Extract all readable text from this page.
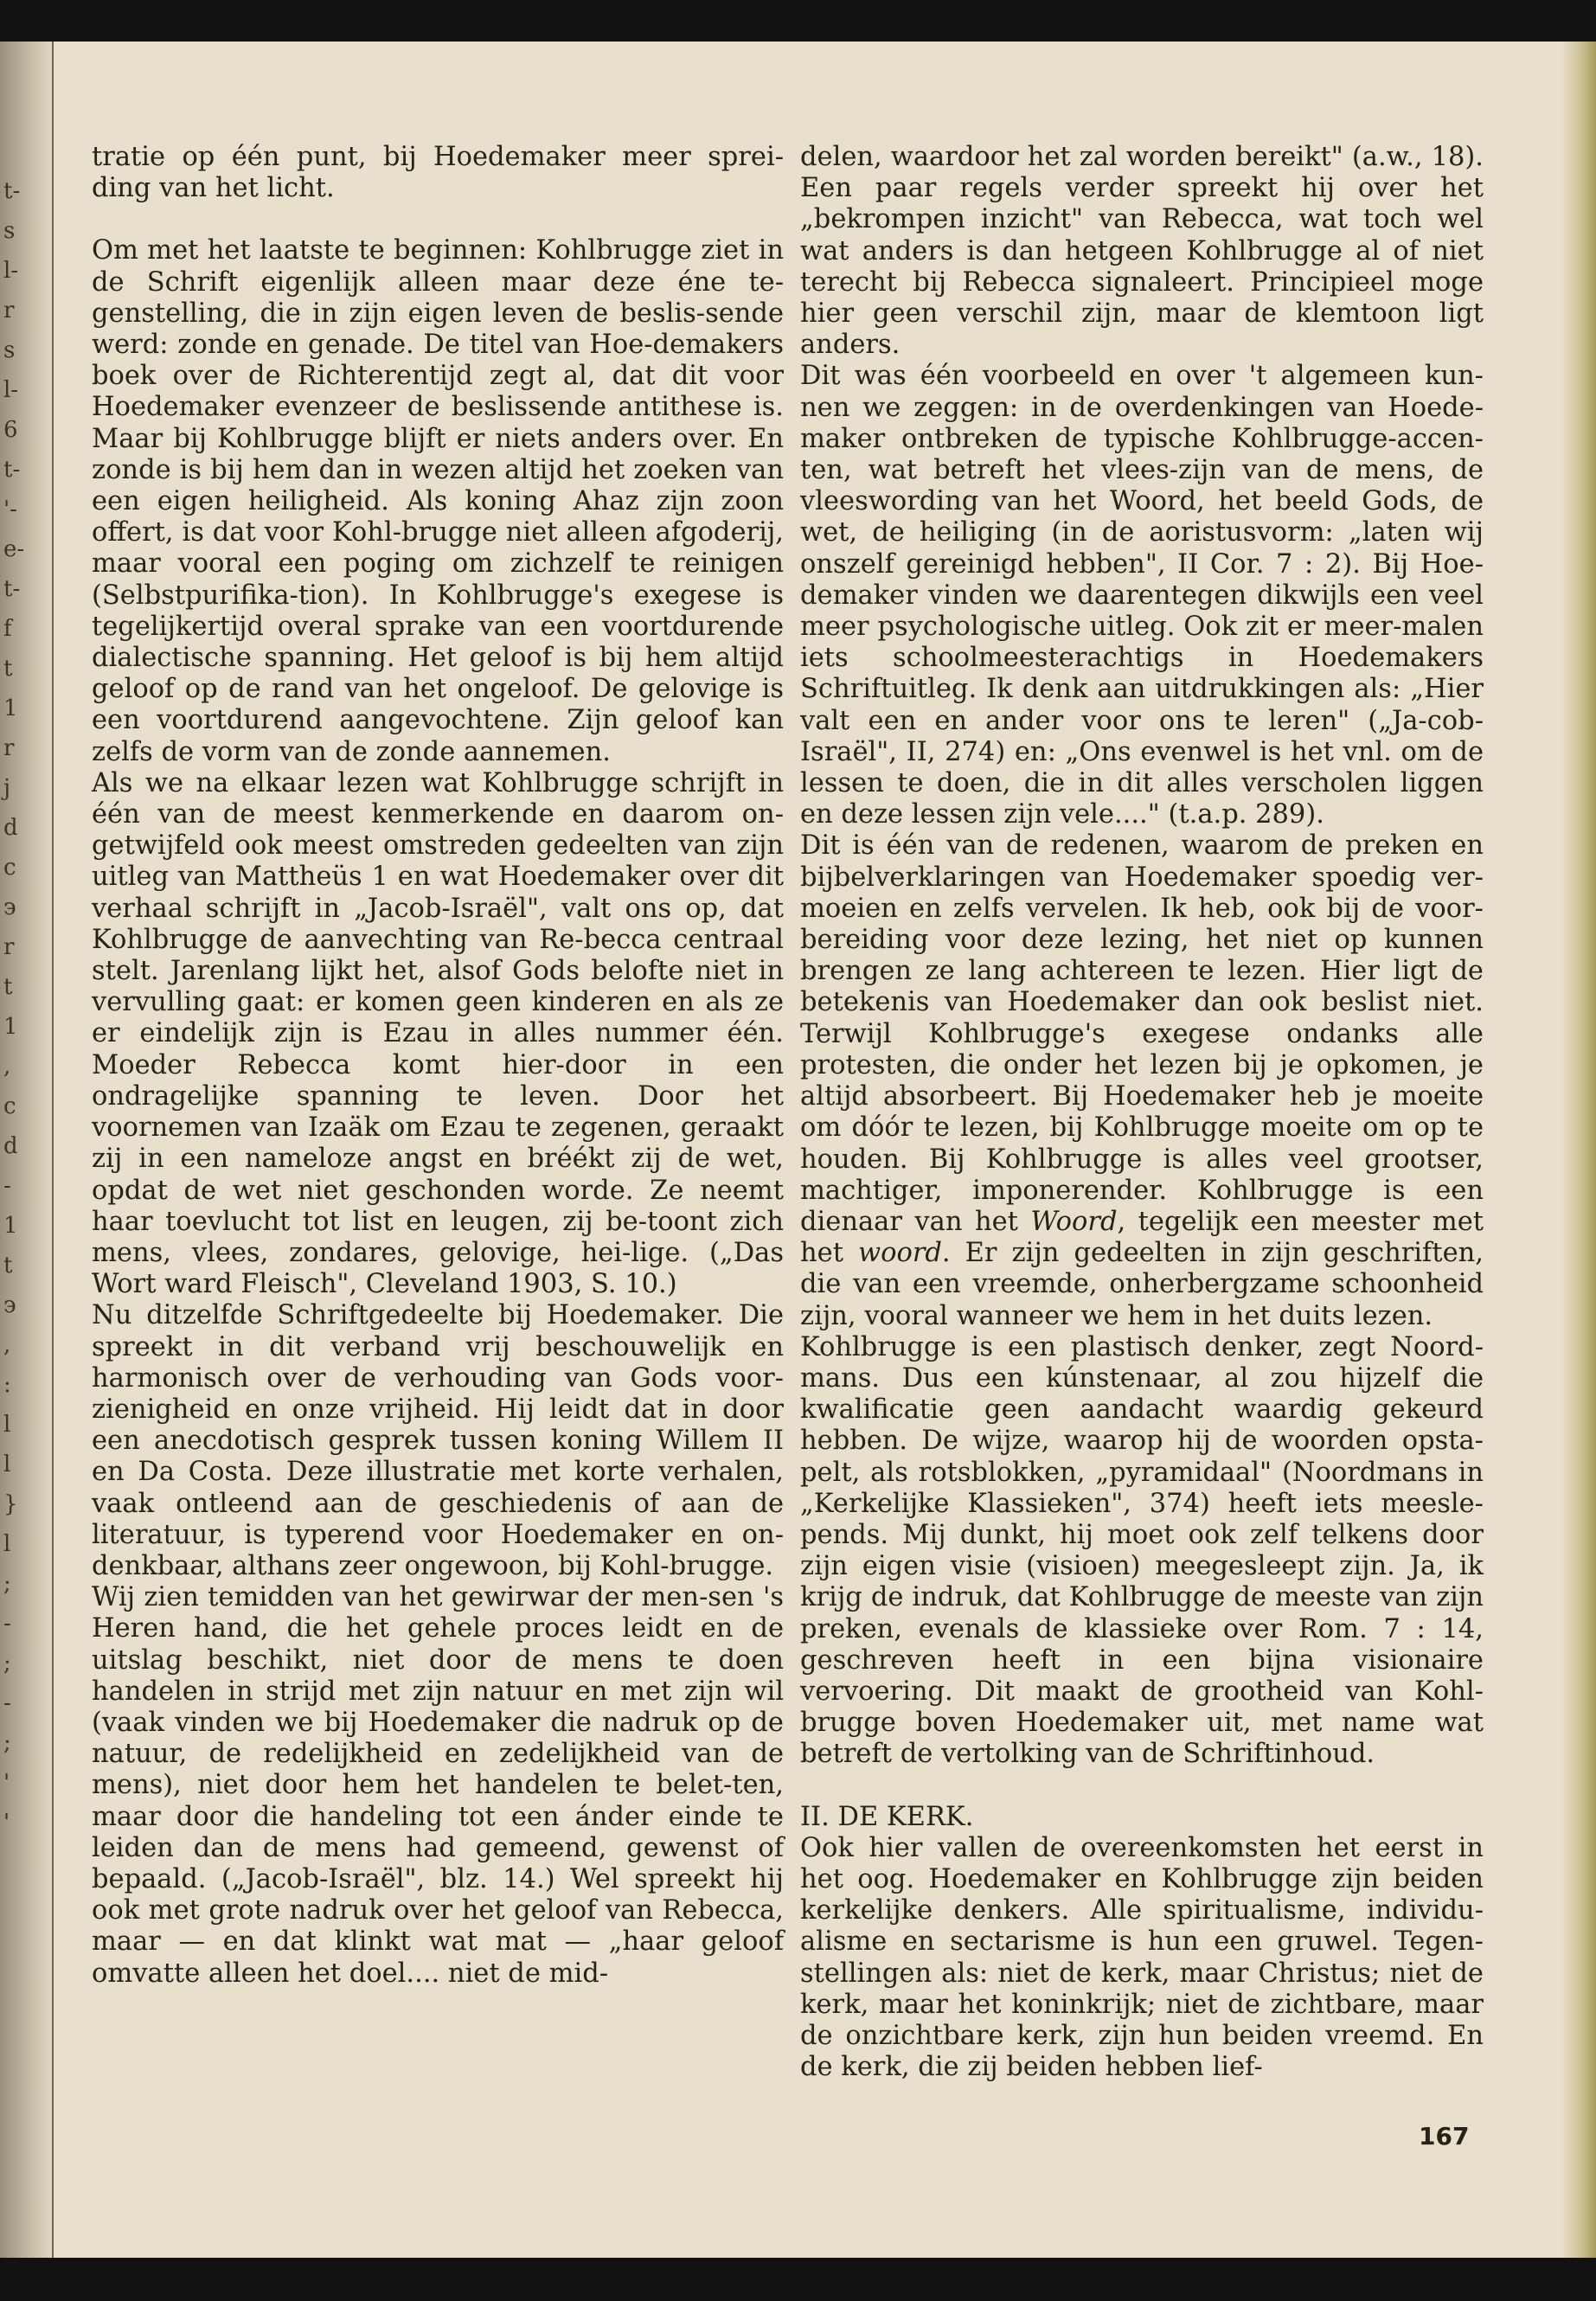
t-
s
l-
r
s
l-
6
t-
'-
e-
t-
f
t
1
r
j
d
c
э
r
t
1
,
c
d
-
1
t
э
,
:
l
l
}
l
;
-
;
-
;
'
'

tratie op één punt, bij Hoedemaker meer sprei-ding van het licht.

Om met het laatste te beginnen: Kohlbrugge ziet in de Schrift eigenlijk alleen maar deze éne te-genstelling, die in zijn eigen leven de beslis-sende werd: zonde en genade. De titel van Hoe-demakers boek over de Richterentijd zegt al, dat dit voor Hoedemaker evenzeer de beslissende antithese is. Maar bij Kohlbrugge blijft er niets anders over. En zonde is bij hem dan in wezen altijd het zoeken van een eigen heiligheid. Als koning Ahaz zijn zoon offert, is dat voor Kohl-brugge niet alleen afgoderij, maar vooral een poging om zichzelf te reinigen (Selbstpurifika-tion). In Kohlbrugge's exegese is tegelijkertijd overal sprake van een voortdurende dialectische spanning. Het geloof is bij hem altijd geloof op de rand van het ongeloof. De gelovige is een voortdurend aangevochtene. Zijn geloof kan zelfs de vorm van de zonde aannemen.

Als we na elkaar lezen wat Kohlbrugge schrijft in één van de meest kenmerkende en daarom on-getwijfeld ook meest omstreden gedeelten van zijn uitleg van Mattheüs 1 en wat Hoedemaker over dit verhaal schrijft in „Jacob-Israël", valt ons op, dat Kohlbrugge de aanvechting van Re-becca centraal stelt. Jarenlang lijkt het, alsof Gods belofte niet in vervulling gaat: er komen geen kinderen en als ze er eindelijk zijn is Ezau in alles nummer één. Moeder Rebecca komt hier-door in een ondragelijke spanning te leven. Door het voornemen van Izaäk om Ezau te zegenen, geraakt zij in een nameloze angst en bréékt zij de wet, opdat de wet niet geschonden worde. Ze neemt haar toevlucht tot list en leugen, zij be-toont zich mens, vlees, zondares, gelovige, hei-lige. („Das Wort ward Fleisch", Cleveland 1903, S. 10.)

Nu ditzelfde Schriftgedeelte bij Hoedemaker. Die spreekt in dit verband vrij beschouwelijk en harmonisch over de verhouding van Gods voor-zienigheid en onze vrijheid. Hij leidt dat in door een anecdotisch gesprek tussen koning Willem II en Da Costa. Deze illustratie met korte verhalen, vaak ontleend aan de geschiedenis of aan de literatuur, is typerend voor Hoedemaker en on-denkbaar, althans zeer ongewoon, bij Kohl-brugge.

Wij zien temidden van het gewirwar der men-sen 's Heren hand, die het gehele proces leidt en de uitslag beschikt, niet door de mens te doen handelen in strijd met zijn natuur en met zijn wil (vaak vinden we bij Hoedemaker die nadruk op de natuur, de redelijkheid en zedelijkheid van de mens), niet door hem het handelen te belet-ten, maar door die handeling tot een ánder einde te leiden dan de mens had gemeend, gewenst of bepaald. („Jacob-Israël", blz. 14.) Wel spreekt hij ook met grote nadruk over het geloof van Rebecca, maar — en dat klinkt wat mat — „haar geloof omvatte alleen het doel.... niet de mid-

delen, waardoor het zal worden bereikt" (a.w., 18). Een paar regels verder spreekt hij over het „bekrompen inzicht" van Rebecca, wat toch wel wat anders is dan hetgeen Kohlbrugge al of niet terecht bij Rebecca signaleert. Principieel moge hier geen verschil zijn, maar de klemtoon ligt anders.

Dit was één voorbeeld en over 't algemeen kun-nen we zeggen: in de overdenkingen van Hoede-maker ontbreken de typische Kohlbrugge-accen-ten, wat betreft het vlees-zijn van de mens, de vleeswording van het Woord, het beeld Gods, de wet, de heiliging (in de aoristusvorm: „laten wij onszelf gereinigd hebben", II Cor. 7 : 2). Bij Hoe-demaker vinden we daarentegen dikwijls een veel meer psychologische uitleg. Ook zit er meer-malen iets schoolmeesterachtigs in Hoedemakers Schriftuitleg. Ik denk aan uitdrukkingen als: „Hier valt een en ander voor ons te leren" („Ja-cob-Israël", II, 274) en: „Ons evenwel is het vnl. om de lessen te doen, die in dit alles verscholen liggen en deze lessen zijn vele...." (t.a.p. 289).

Dit is één van de redenen, waarom de preken en bijbelverklaringen van Hoedemaker spoedig ver-moeien en zelfs vervelen. Ik heb, ook bij de voor-bereiding voor deze lezing, het niet op kunnen brengen ze lang achtereen te lezen. Hier ligt de betekenis van Hoedemaker dan ook beslist niet. Terwijl Kohlbrugge's exegese ondanks alle protesten, die onder het lezen bij je opkomen, je altijd absorbeert. Bij Hoedemaker heb je moeite om dóór te lezen, bij Kohlbrugge moeite om op te houden. Bij Kohlbrugge is alles veel grootser, machtiger, imponerender. Kohlbrugge is een dienaar van het Woord, tegelijk een meester met het woord. Er zijn gedeelten in zijn geschriften, die van een vreemde, onherbergzame schoonheid zijn, vooral wanneer we hem in het duits lezen.

Kohlbrugge is een plastisch denker, zegt Noord-mans. Dus een kúnstenaar, al zou hijzelf die kwalificatie geen aandacht waardig gekeurd hebben. De wijze, waarop hij de woorden opsta-pelt, als rotsblokken, „pyramidaal" (Noordmans in „Kerkelijke Klassieken", 374) heeft iets meesle-pends. Mij dunkt, hij moet ook zelf telkens door zijn eigen visie (visioen) meegesleept zijn. Ja, ik krijg de indruk, dat Kohlbrugge de meeste van zijn preken, evenals de klassieke over Rom. 7 : 14, geschreven heeft in een bijna visionaire vervoering. Dit maakt de grootheid van Kohl-brugge boven Hoedemaker uit, met name wat betreft de vertolking van de Schriftinhoud.

II. DE KERK.

Ook hier vallen de overeenkomsten het eerst in het oog. Hoedemaker en Kohlbrugge zijn beiden kerkelijke denkers. Alle spiritualisme, individu-alisme en sectarisme is hun een gruwel. Tegen-stellingen als: niet de kerk, maar Christus; niet de kerk, maar het koninkrijk; niet de zichtbare, maar de onzichtbare kerk, zijn hun beiden vreemd. En de kerk, die zij beiden hebben lief-

167
